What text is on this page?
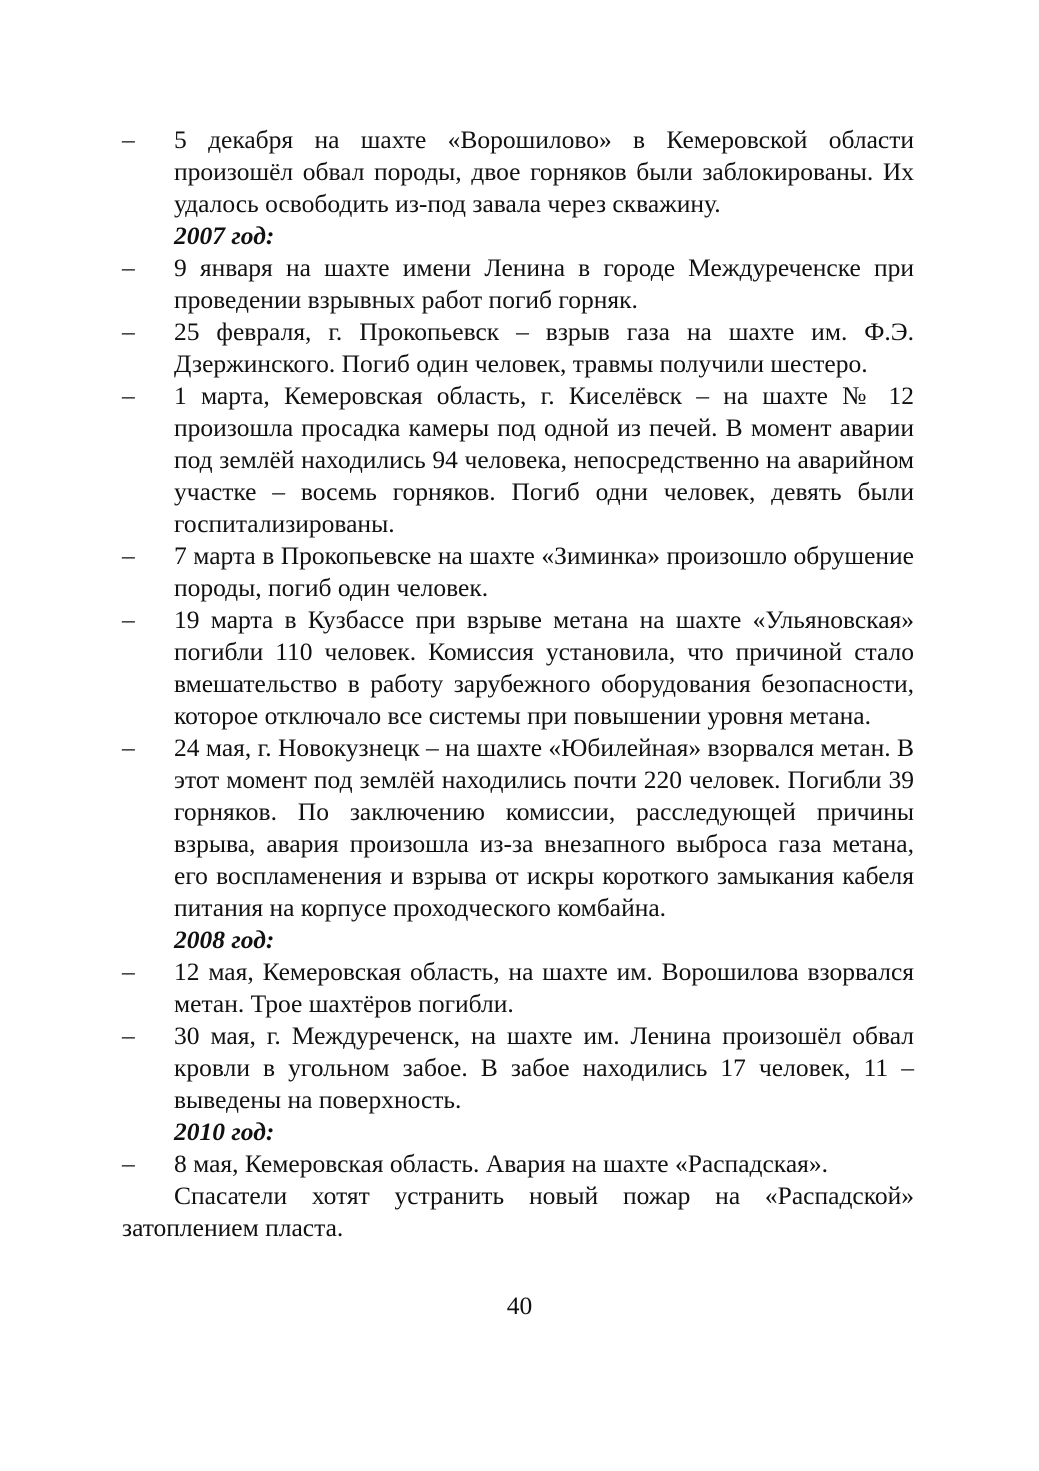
– 5 декабря на шахте «Ворошилово» в Кемеровской области произошёл обвал породы, двое горняков были заблокированы. Их удалось освободить из-под завала через скважину.
2007 год:
– 9 января на шахте имени Ленина в городе Междуреченске при проведении взрывных работ погиб горняк.
– 25 февраля, г. Прокопьевск – взрыв газа на шахте им. Ф.Э. Дзержинского. Погиб один человек, травмы получили шестеро.
– 1 марта, Кемеровская область, г. Киселёвск – на шахте № 12 произошла просадка камеры под одной из печей. В момент аварии под землёй находились 94 человека, непосредственно на аварийном участке – восемь горняков. Погиб одни человек, девять были госпитализированы.
– 7 марта в Прокопьевске на шахте «Зиминка» произошло обрушение породы, погиб один человек.
– 19 марта в Кузбассе при взрыве метана на шахте «Ульяновская» погибли 110 человек. Комиссия установила, что причиной стало вмешательство в работу зарубежного оборудования безопасности, которое отключало все системы при повышении уровня метана.
– 24 мая, г. Новокузнецк – на шахте «Юбилейная» взорвался метан. В этот момент под землёй находились почти 220 человек. Погибли 39 горняков. По заключению комиссии, расследующей причины взрыва, авария произошла из-за внезапного выброса газа метана, его воспламенения и взрыва от искры короткого замыкания кабеля питания на корпусе проходческого комбайна.
2008 год:
– 12 мая, Кемеровская область, на шахте им. Ворошилова взорвался метан. Трое шахтёров погибли.
– 30 мая, г. Междуреченск, на шахте им. Ленина произошёл обвал кровли в угольном забое. В забое находились 17 человек, 11 – выведены на поверхность.
2010 год:
– 8 мая, Кемеровская область. Авария на шахте «Распадская».
Спасатели хотят устранить новый пожар на «Распадской» затоплением пласта.
40
